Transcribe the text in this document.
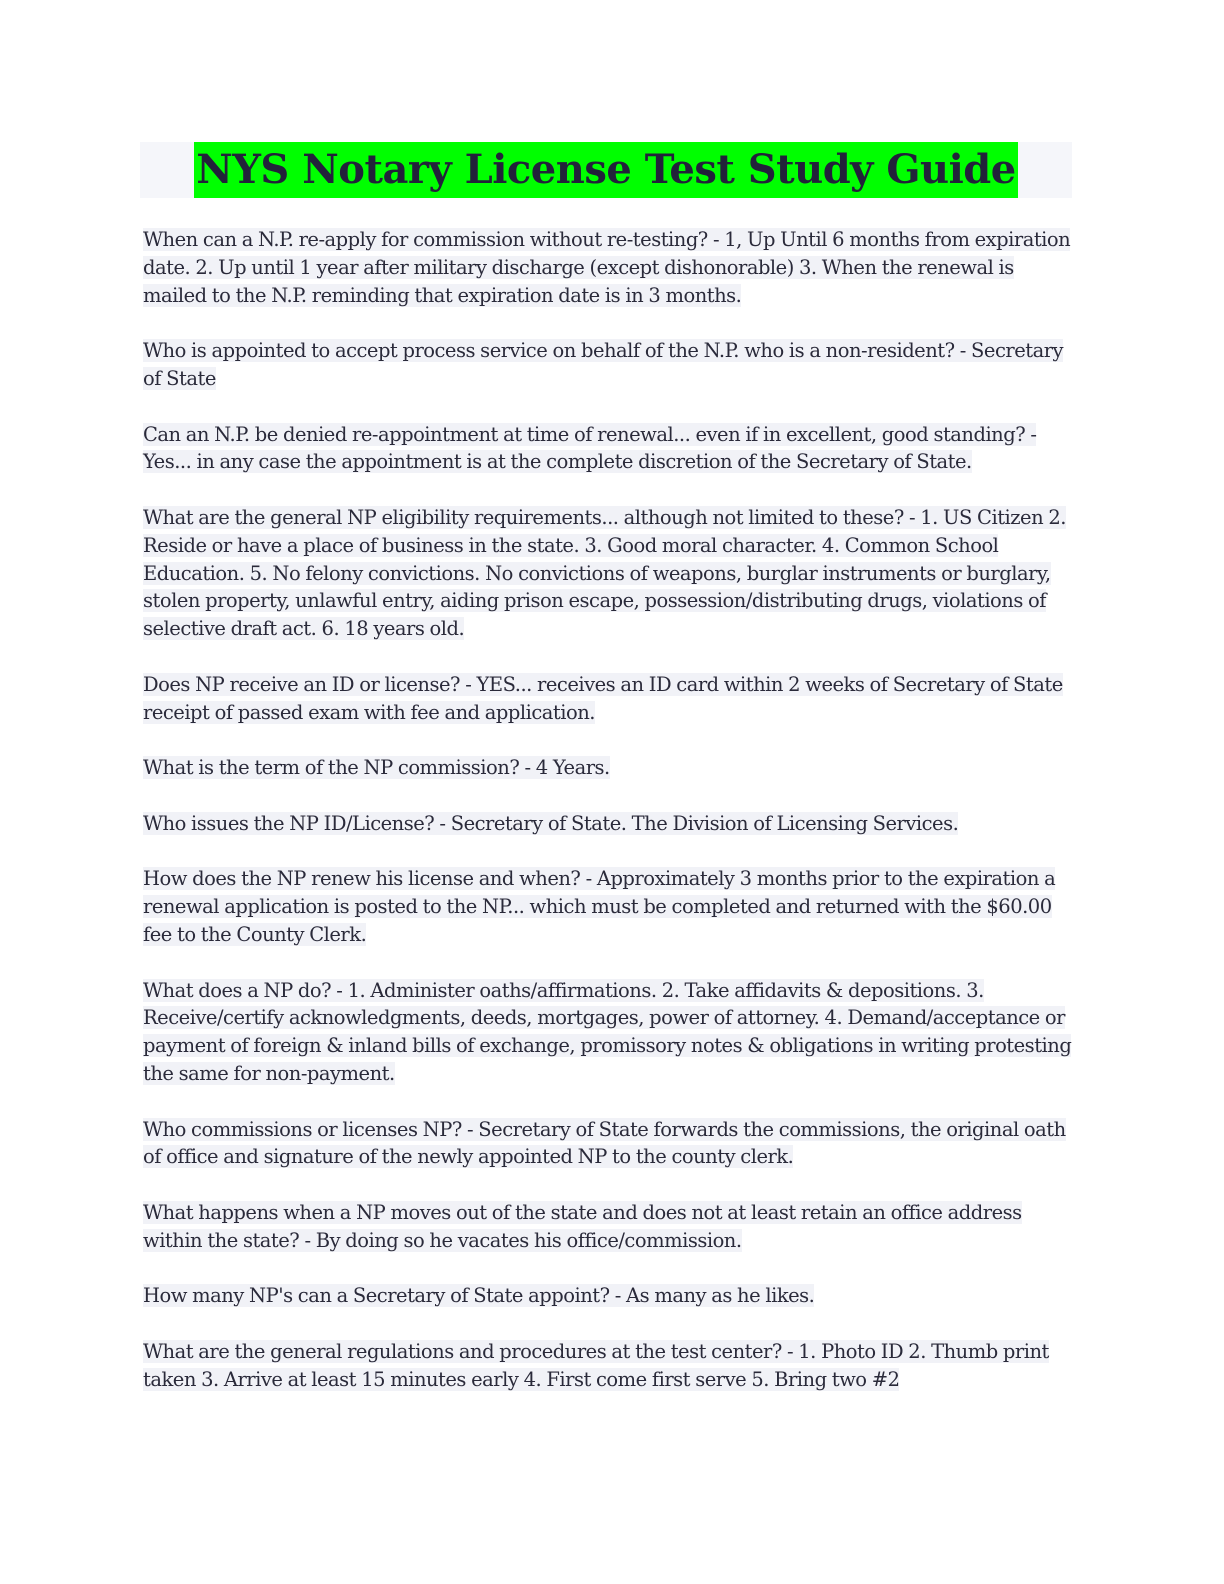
NYS Notary License Test Study Guide

When can a N.P. re-apply for commission without re-testing? - 1, Up Until 6 months from expiration date. 2. Up until 1 year after military discharge (except dishonorable) 3. When the renewal is mailed to the N.P. reminding that expiration date is in 3 months.

Who is appointed to accept process service on behalf of the N.P. who is a non-resident? - Secretary of State

Can an N.P. be denied re-appointment at time of renewal... even if in excellent, good standing? - Yes... in any case the appointment is at the complete discretion of the Secretary of State.

What are the general NP eligibility requirements... although not limited to these? - 1. US Citizen 2. Reside or have a place of business in the state. 3. Good moral character. 4. Common School Education. 5. No felony convictions. No convictions of weapons, burglar instruments or burglary, stolen property, unlawful entry, aiding prison escape, possession/distributing drugs, violations of selective draft act. 6. 18 years old.

Does NP receive an ID or license? - YES... receives an ID card within 2 weeks of Secretary of State receipt of passed exam with fee and application.

What is the term of the NP commission? - 4 Years.

Who issues the NP ID/License? - Secretary of State. The Division of Licensing Services.

How does the NP renew his license and when? - Approximately 3 months prior to the expiration a renewal application is posted to the NP... which must be completed and returned with the $60.00 fee to the County Clerk.

What does a NP do? - 1. Administer oaths/affirmations. 2. Take affidavits & depositions. 3. Receive/certify acknowledgments, deeds, mortgages, power of attorney. 4. Demand/acceptance or payment of foreign & inland bills of exchange, promissory notes & obligations in writing protesting the same for non-payment.

Who commissions or licenses NP? - Secretary of State forwards the commissions, the original oath of office and signature of the newly appointed NP to the county clerk.

What happens when a NP moves out of the state and does not at least retain an office address within the state? - By doing so he vacates his office/commission.

How many NP's can a Secretary of State appoint? - As many as he likes.

What are the general regulations and procedures at the test center? - 1. Photo ID 2. Thumb print taken 3. Arrive at least 15 minutes early 4. First come first serve 5. Bring two #2
